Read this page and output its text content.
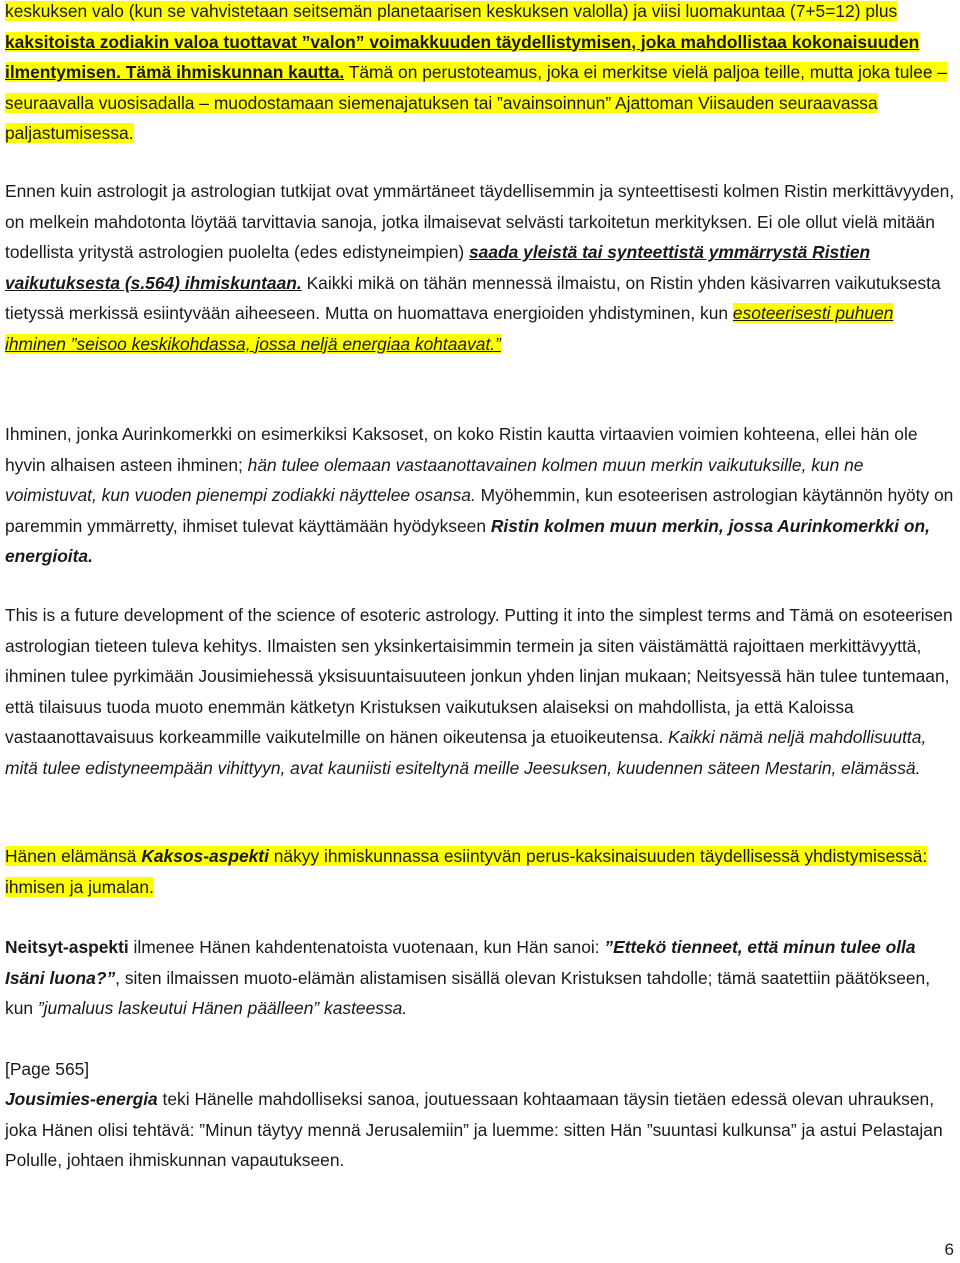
keskuksen valo (kun se vahvistetaan seitsemän planetaarisen keskuksen valolla) ja viisi luomakuntaa (7+5=12) plus kaksitoista zodiakin valoa tuottavat ”valon” voimakkuuden täydellistymisen, joka mahdollistaa kokonaisuuden ilmentymisen. Tämä ihmiskunnan kautta. Tämä on perustoteamus, joka ei merkitse vielä paljoa teille, mutta joka tulee – seuraavalla vuosisadalla – muodostamaan siemenajatuksen tai ”avainsoinnun” Ajattoman Viisauden seuraavassa paljastumisessa.

Ennen kuin astrologit ja astrologian tutkijat ovat ymmärtäneet täydellisemmin ja synteettisesti kolmen Ristin merkittävyyden, on melkein mahdotonta löytää tarvittavia sanoja, jotka ilmaisevat selvästi tarkoitetun merkityksen. Ei ole ollut vielä mitään todellista yritystä astrologien puolelta (edes edistyneimpien) saada yleistä tai synteettistä ymmärrystä Ristien vaikutuksesta (s.564) ihmiskuntaan. Kaikki mikä on tähän mennessä ilmaistu, on Ristin yhden käsivarren vaikutuksesta tietyssä merkissä esiintyvään aiheeseen. Mutta on huomattava energioiden yhdistyminen, kun esoteerisesti puhuen ihminen ”seisoo keskikohdassa, jossa neljä energiaa kohtaavat.”

Ihminen, jonka Aurinkomerkki on esimerkiksi Kaksoset, on koko Ristin kautta virtaavien voimien kohteena, ellei hän ole hyvin alhaisen asteen ihminen; hän tulee olemaan vastaanottavainen kolmen muun merkin vaikutuksille, kun ne voimistuvat, kun vuoden pienempi zodiakki näyttelee osansa. Myöhemmin, kun esoteerisen astrologian käytännön hyöty on paremmin ymmärretty, ihmiset tulevat käyttämään hyödykseen Ristin kolmen muun merkin, jossa Aurinkomerkki on, energioita.

This is a future development of the science of esoteric astrology. Putting it into the simplest terms and Tämä on esoteerisen astrologian tieteen tuleva kehitys. Ilmaisten sen yksinkertaisimmin termein ja siten väistämättä rajoittaen merkittävyyttä, ihminen tulee pyrkimään Jousimiehessä yksisuuntaisuuteen jonkun yhden linjan mukaan; Neitsyessä hän tulee tuntemaan, että tilaisuus tuoda muoto enemmän kätketyn Kristuksen vaikutuksen alaiseksi on mahdollista, ja että Kaloissa vastaanottavaisuus korkeammille vaikutelmille on hänen oikeutensa ja etuoikeutensa. Kaikki nämä neljä mahdollisuutta, mitä tulee edistyneempään vihittyyn, avat kauniisti esiteltynä meille Jeesuksen, kuudennen säteen Mestarin, elämässä.

Hänen elämänsä Kaksos-aspekti näkyy ihmiskunnassa esiintyvän perus-kaksinaisuuden täydellisessä yhdistymisessä: ihmisen ja jumalan.

Neitsyt-aspekti ilmenee Hänen kahdentenatoista vuotenaan, kun Hän sanoi: ”Ettekö tienneet, että minun tulee olla Isäni luona?”, siten ilmaissen muoto-elämän alistamisen sisällä olevan Kristuksen tahdolle; tämä saatettiin päätökseen, kun ”jumaluus laskeutui Hänen päälleen” kasteessa.

[Page 565]

Jousimies-energia teki Hänelle mahdolliseksi sanoa, joutuessaan kohtaamaan täysin tietäen edessä olevan uhrauksen, joka Hänen olisi tehtävä: ”Minun täytyy mennä Jerusalemiin” ja luemme: sitten Hän ”suuntasi kulkunsa” ja astui Pelastajan Polulle, johtaen ihmiskunnan vapautukseen.

6
